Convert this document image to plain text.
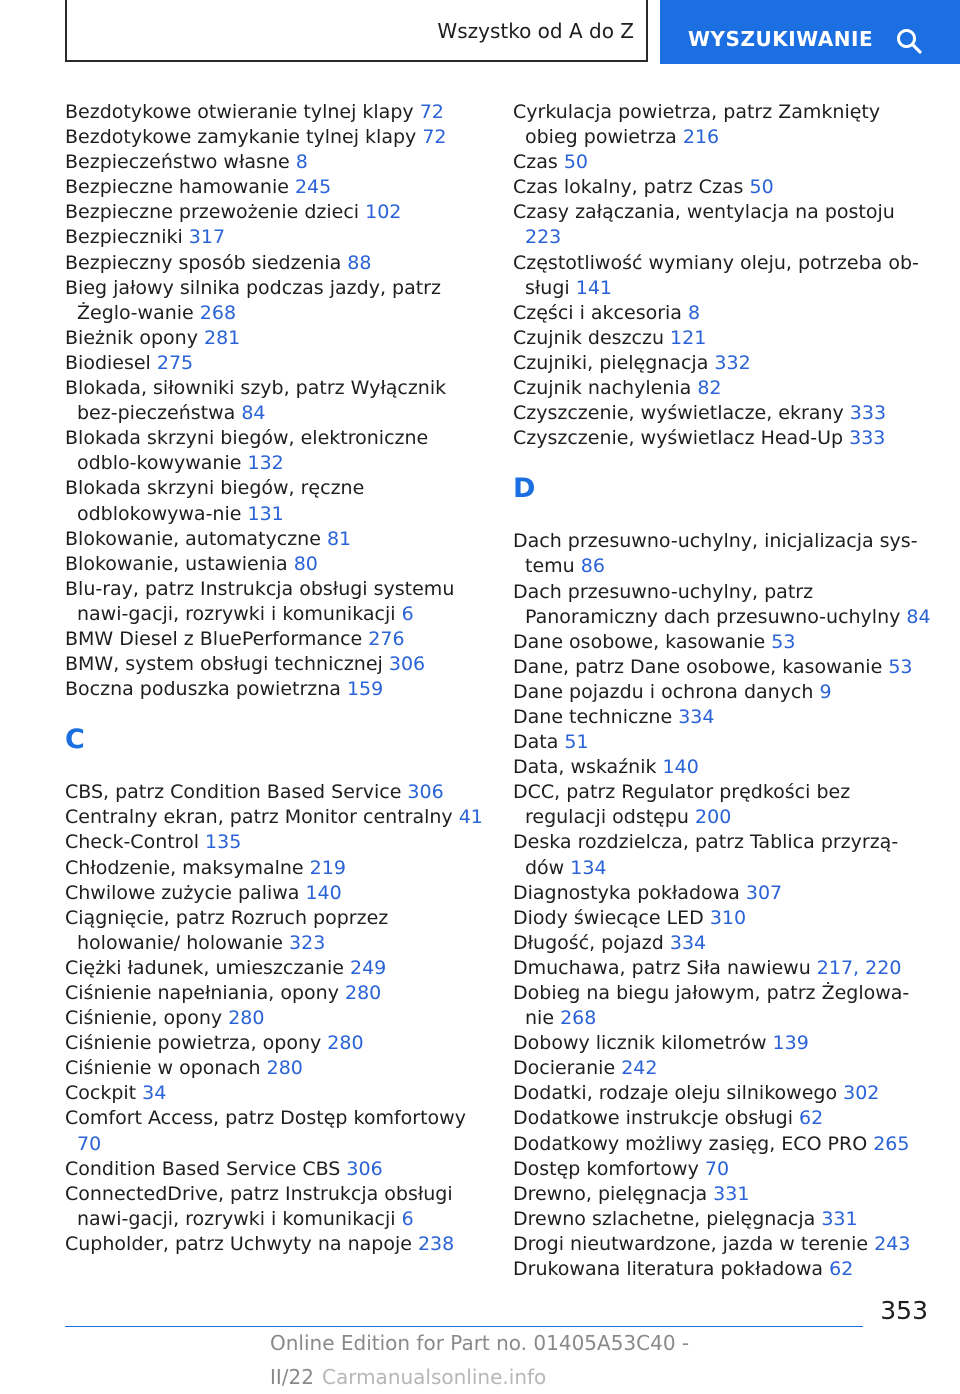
Wszystko od A do Z	WYSZUKIWANIE
Bezdotykowe otwieranie tylnej klapy 72
Bezdotykowe zamykanie tylnej klapy 72
Bezpieczeństwo własne 8
Bezpieczne hamowanie 245
Bezpieczne przewożenie dzieci 102
Bezpieczniki 317
Bezpieczny sposób siedzenia 88
Bieg jałowy silnika podczas jazdy, patrz Żeglo‐wanie 268
Bieżnik opony 281
Biodiesel 275
Blokada, siłowniki szyb, patrz Wyłącznik bez‐pieczeństwa 84
Blokada skrzyni biegów, elektroniczne odblo‐kowywanie 132
Blokada skrzyni biegów, ręczne odblokowywa‐nie 131
Blokowanie, automatyczne 81
Blokowanie, ustawienia 80
Blu-ray, patrz Instrukcja obsługi systemu nawi‐gacji, rozrywki i komunikacji 6
BMW Diesel z BluePerformance 276
BMW, system obsługi technicznej 306
Boczna poduszka powietrzna 159
C
CBS, patrz Condition Based Service 306
Centralny ekran, patrz Monitor centralny 41
Check-Control 135
Chłodzenie, maksymalne 219
Chwilowe zużycie paliwa 140
Ciągnięcie, patrz Rozruch poprzez holowanie/ holowanie 323
Ciężki ładunek, umieszczanie 249
Ciśnienie napełniania, opony 280
Ciśnienie, opony 280
Ciśnienie powietrza, opony 280
Ciśnienie w oponach 280
Cockpit 34
Comfort Access, patrz Dostęp komfortowy 70
Condition Based Service CBS 306
ConnectedDrive, patrz Instrukcja obsługi nawi‐gacji, rozrywki i komunikacji 6
Cupholder, patrz Uchwyty na napoje 238
Cyrkulacja powietrza, patrz Zamknięty obieg powietrza 216
Czas 50
Czas lokalny, patrz Czas 50
Czasy załączania, wentylacja na postoju 223
Częstotliwość wymiany oleju, potrzeba ob‐sługi 141
Części i akcesoria 8
Czujnik deszczu 121
Czujniki, pielęgnacja 332
Czujnik nachylenia 82
Czyszczenie, wyświetlacze, ekrany 333
Czyszczenie, wyświetlacz Head-Up 333
D
Dach przesuwno-uchylny, inicjalizacja sys‐temu 86
Dach przesuwno-uchylny, patrz Panoramiczny dach przesuwno-uchylny 84
Dane osobowe, kasowanie 53
Dane, patrz Dane osobowe, kasowanie 53
Dane pojazdu i ochrona danych 9
Dane techniczne 334
Data 51
Data, wskaźnik 140
DCC, patrz Regulator prędkości bez regulacji odstępu 200
Deska rozdzielcza, patrz Tablica przyrzą‐dów 134
Diagnostyka pokładowa 307
Diody świecące LED 310
Długość, pojazd 334
Dmuchawa, patrz Siła nawiewu 217, 220
Dobieg na biegu jałowym, patrz Żeglowa‐nie 268
Dobowy licznik kilometrów 139
Docieranie 242
Dodatki, rodzaje oleju silnikowego 302
Dodatkowe instrukcje obsługi 62
Dodatkowy możliwy zasięg, ECO PRO 265
Dostęp komfortowy 70
Drewno, pielęgnacja 331
Drewno szlachetne, pielęgnacja 331
Drogi nieutwardzone, jazda w terenie 243
Drukowana literatura pokładowa 62
353
Online Edition for Part no. 01405A53C40 - II/22 Carmanualsonline.info
